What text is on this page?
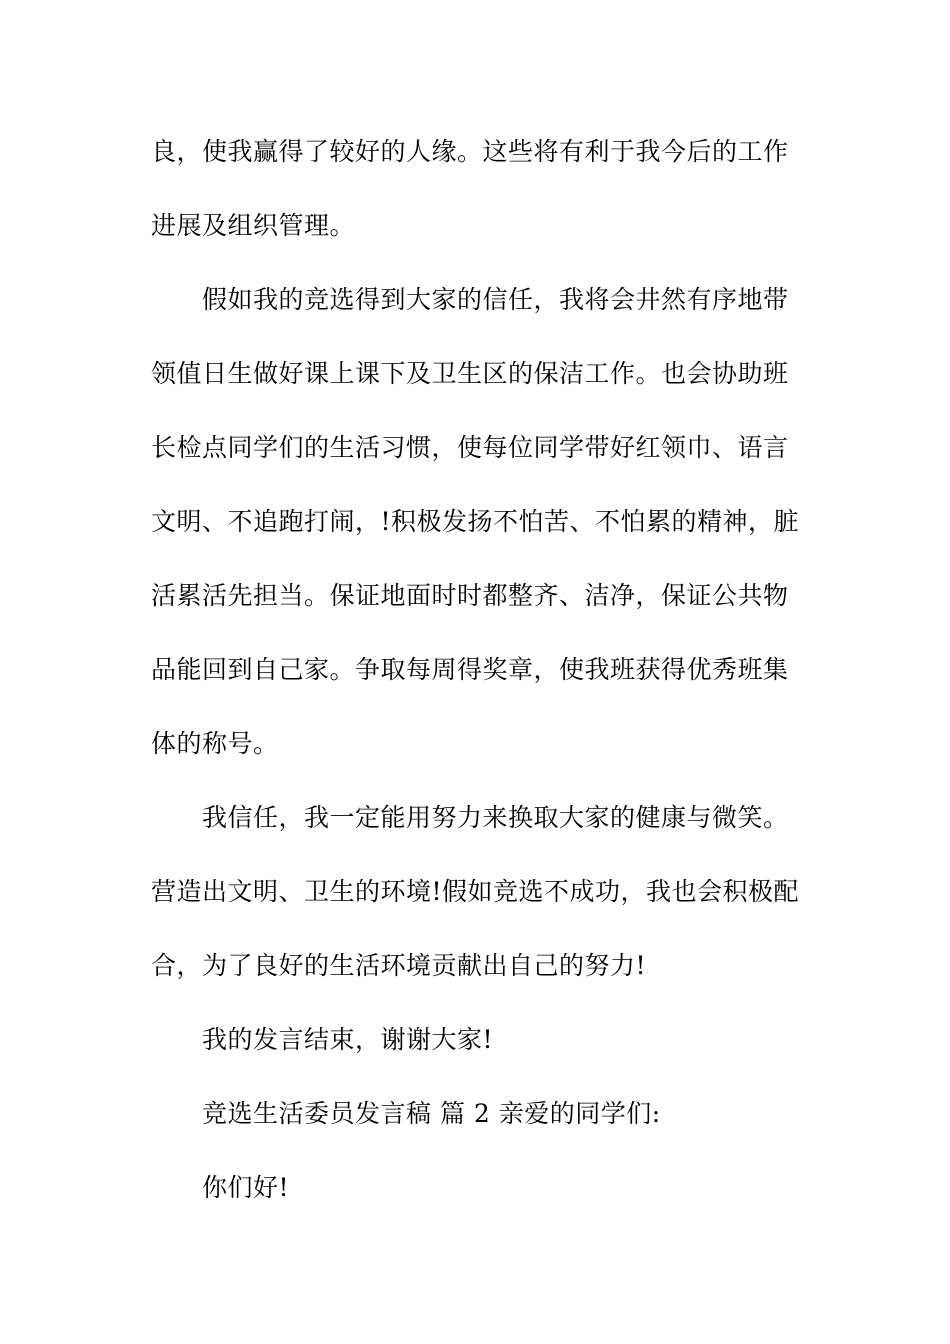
良，使我赢得了较好的人缘。这些将有利于我今后的工作
进展及组织管理。
假如我的竞选得到大家的信任，我将会井然有序地带
领值日生做好课上课下及卫生区的保洁工作。也会协助班
长检点同学们的生活习惯，使每位同学带好红领巾、语言
文明、不追跑打闹，!积极发扬不怕苦、不怕累的精神，脏
活累活先担当。保证地面时时都整齐、洁净，保证公共物
品能回到自己家。争取每周得奖章，使我班获得优秀班集
体的称号。
我信任，我一定能用努力来换取大家的健康与微笑。
营造出文明、卫生的环境!假如竞选不成功，我也会积极配
合，为了良好的生活环境贡献出自己的努力!
我的发言结束，谢谢大家!
竞选生活委员发言稿 篇 2 亲爱的同学们:
你们好!
